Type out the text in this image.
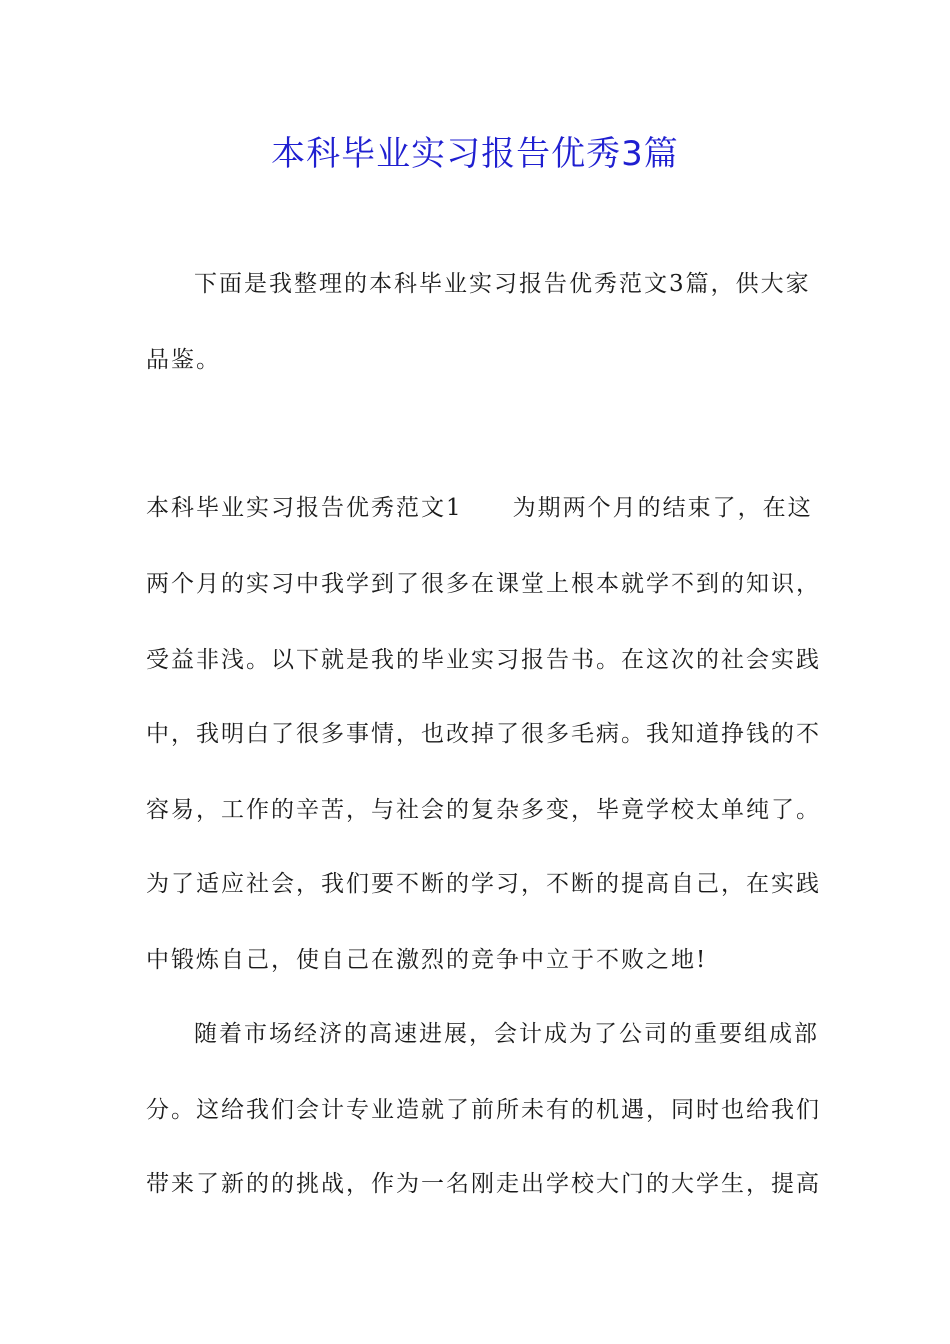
本科毕业实习报告优秀3篇
下面是我整理的本科毕业实习报告优秀范文3篇，供大家
品鉴。
本科毕业实习报告优秀范文1　　为期两个月的结束了，在这
两个月的实习中我学到了很多在课堂上根本就学不到的知识，
受益非浅。以下就是我的毕业实习报告书。在这次的社会实践
中，我明白了很多事情，也改掉了很多毛病。我知道挣钱的不
容易，工作的辛苦，与社会的复杂多变，毕竟学校太单纯了。
为了适应社会，我们要不断的学习，不断的提高自己，在实践
中锻炼自己，使自己在激烈的竞争中立于不败之地!
随着市场经济的高速进展，会计成为了公司的重要组成部
分。这给我们会计专业造就了前所未有的机遇，同时也给我们
带来了新的的挑战，作为一名刚走出学校大门的大学生，提高
